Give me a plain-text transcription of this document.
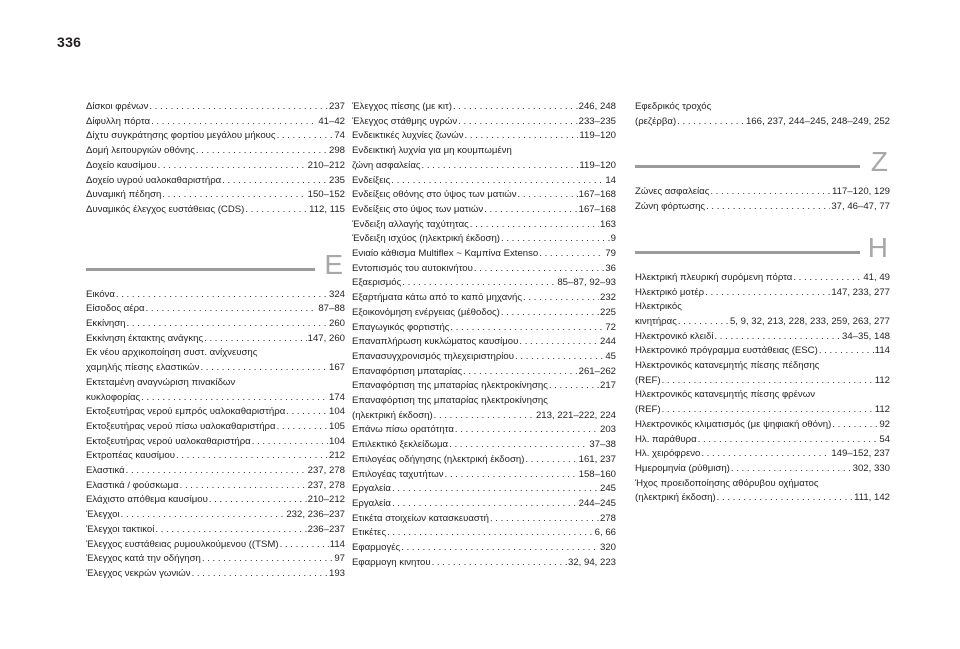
336
Δίσκοι φρένων . . .	237
Δίφυλλη πόρτα . . .	41–42
Δίχτυ συγκράτησης φορτίου μεγάλου μήκους . . .	74
Δομή λειτουργιών οθόνης . . .	298
Δοχείο καυσίμου . . .	210–212
Δοχείο υγρού υαλοκαθαριστήρα . . .	235
Δυναμική πέδηση . . .	150–152
Δυναμικός έλεγχος ευστάθειας (CDS) . . .	112, 115
Ε
Εικόνα . . .	324
Είσοδος αέρα . . .	87–88
Εκκίνηση . . .	260
Εκκίνηση έκτακτης ανάγκης . . .	147, 260
Εκ νέου αρχικοποίηση συστ. ανίχνευσης
χαμηλής πίεσης ελαστικών . . .	167
Εκτεταμένη αναγνώριση πινακίδων
κυκλοφορίας . . .	174
Εκτοξευτήρας νερού εμπρός υαλοκαθαριστήρα . . .	104
Εκτοξευτήρας νερού πίσω υαλοκαθαριστήρα . . .	105
Εκτοξευτήρας νερού υαλοκαθαριστήρα . . .	104
Εκτροπέας καυσίμου . . .	212
Ελαστικά . . .	237, 278
Ελαστικά / φούσκωμα . . .	237, 278
Ελάχιστο απόθεμα καυσίμου . . .	210–212
Έλεγχοι . . .	232, 236–237
Έλεγχοι τακτικοί . . .	236–237
Έλεγχος ευστάθειας ρυμουλκούμενου ((TSM) . . .	114
Έλεγχος κατά την οδήγηση . . .	97
Έλεγχος νεκρών γωνιών . . .	193
Έλεγχος πίεσης (με κιτ) . . .	246, 248
Έλεγχος στάθμης υγρών . . .	233–235
Ενδεικτικές λυχνίες ζωνών . . .	119–120
Ενδεικτική λυχνία για μη κουμπωμένη
ζώνη ασφαλείας . . .	119–120
Ενδείξεις . . .	14
Ενδείξεις οθόνης στο ύψος των ματιών . . .	167–168
Ενδείξεις στο ύψος των ματιών . . .	167–168
Ένδειξη αλλαγής ταχύτητας . . .	163
Ένδειξη ισχύος (ηλεκτρική έκδοση) . . .	9
Ενιαίο κάθισμα Multiflex ~ Καμπίνα Extenso . . .	79
Εντοπισμός του αυτοκινήτου . . .	36
Εξαερισμός . . .	85–87, 92–93
Εξαρτήματα κάτω από το καπό μηχανής . . .	232
Εξοικονόμηση ενέργειας (μέθοδος) . . .	225
Επαγωγικός φορτιστής . . .	72
Επαναπλήρωση κυκλώματος καυσίμου . . .	244
Επανασυγχρονισμός τηλεχειριστηρίου . . .	45
Επαναφόρτιση μπαταρίας . . .	261–262
Επαναφόρτιση της μπαταρίας ηλεκτροκίνησης . . .	217
Επαναφόρτιση της μπαταρίας ηλεκτροκίνησης
(ηλεκτρική έκδοση) . . .	213, 221–222, 224
Επάνω πίσω ορατότητα . . .	203
Επιλεκτικό ξεκλείδωμα . . .	37–38
Επιλογέας οδήγησης (ηλεκτρική έκδοση) . . .	161, 237
Επιλογέας ταχυτήτων . . .	158–160
Εργαλεία . . .	245
Εργαλεία . . .	244–245
Ετικέτα στοιχείων κατασκευαστή . . .	278
Ετικέτες . . .	6, 66
Εφαρμογές . . .	320
Εφαρμογη κινητου . . .	32, 94, 223
Εφεδρικός τροχός
(ρεζέρβα) . . .	166, 237, 244–245, 248–249, 252
Z
Ζώνες ασφαλείας . . .	117–120, 129
Ζώνη φόρτωσης . . .	37, 46–47, 77
H
Ηλεκτρική πλευρική συρόμενη πόρτα . . .	41, 49
Ηλεκτρικό μοτέρ . . .	147, 233, 277
Ηλεκτρικός
κινητήρας . . .	5, 9, 32, 213, 228, 233, 259, 263, 277
Ηλεκτρονικό κλειδί . . .	34–35, 148
Ηλεκτρονικό πρόγραμμα ευστάθειας (ESC) . . .	114
Ηλεκτρονικός κατανεμητής πίεσης πέδησης
(REF) . . .	112
Ηλεκτρονικός κατανεμητής πίεσης φρένων
(REF) . . .	112
Ηλεκτρονικός κλιματισμός (με ψηφιακή οθόνη) . . .	92
Ηλ. παράθυρα . . .	54
Ηλ. χειρόφρενο . . .	149–152, 237
Ημερομηνία (ρύθμιση) . . .	302, 330
Ήχος προειδοποίησης αθόρυβου οχήματος
(ηλεκτρική έκδοση) . . .	111, 142
